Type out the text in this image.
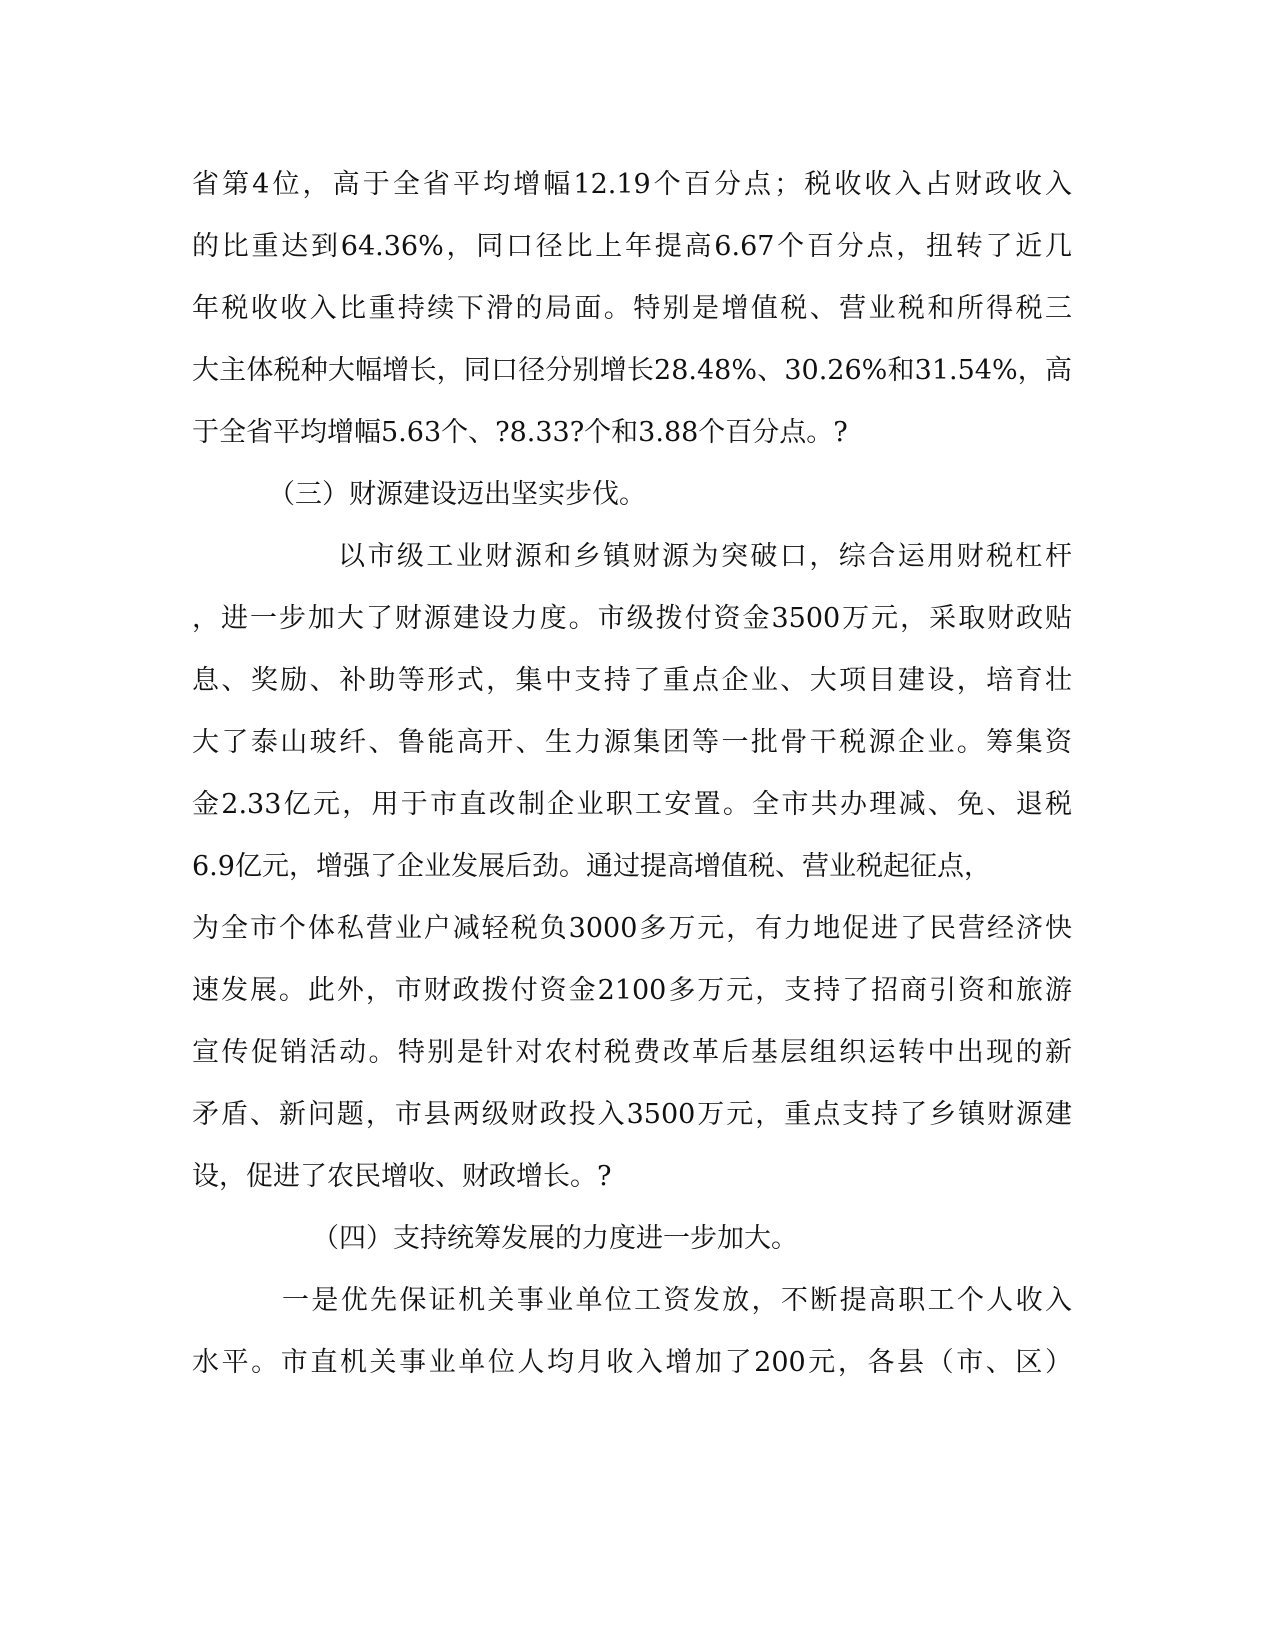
省第4位，高于全省平均增幅12.19个百分点；税收收入占财政收入
的比重达到64.36%，同口径比上年提高6.67个百分点，扭转了近几
年税收收入比重持续下滑的局面。特别是增值税、营业税和所得税三
大主体税种大幅增长，同口径分别增长28.48%、30.26%和31.54%，高
于全省平均增幅5.63个、?8.33?个和3.88个百分点。?
（三）财源建设迈出坚实步伐。
以市级工业财源和乡镇财源为突破口，综合运用财税杠杆
，进一步加大了财源建设力度。市级拨付资金3500万元，采取财政贴
息、奖励、补助等形式，集中支持了重点企业、大项目建设，培育壮
大了泰山玻纤、鲁能高开、生力源集团等一批骨干税源企业。筹集资
金2.33亿元，用于市直改制企业职工安置。全市共办理减、免、退税
6.9亿元，增强了企业发展后劲。通过提高增值税、营业税起征点，
为全市个体私营业户减轻税负3000多万元，有力地促进了民营经济快
速发展。此外，市财政拨付资金2100多万元，支持了招商引资和旅游
宣传促销活动。特别是针对农村税费改革后基层组织运转中出现的新
矛盾、新问题，市县两级财政投入3500万元，重点支持了乡镇财源建
设，促进了农民增收、财政增长。?
（四）支持统筹发展的力度进一步加大。
一是优先保证机关事业单位工资发放，不断提高职工个人收入
水平。市直机关事业单位人均月收入增加了200元，各县（市、区）
